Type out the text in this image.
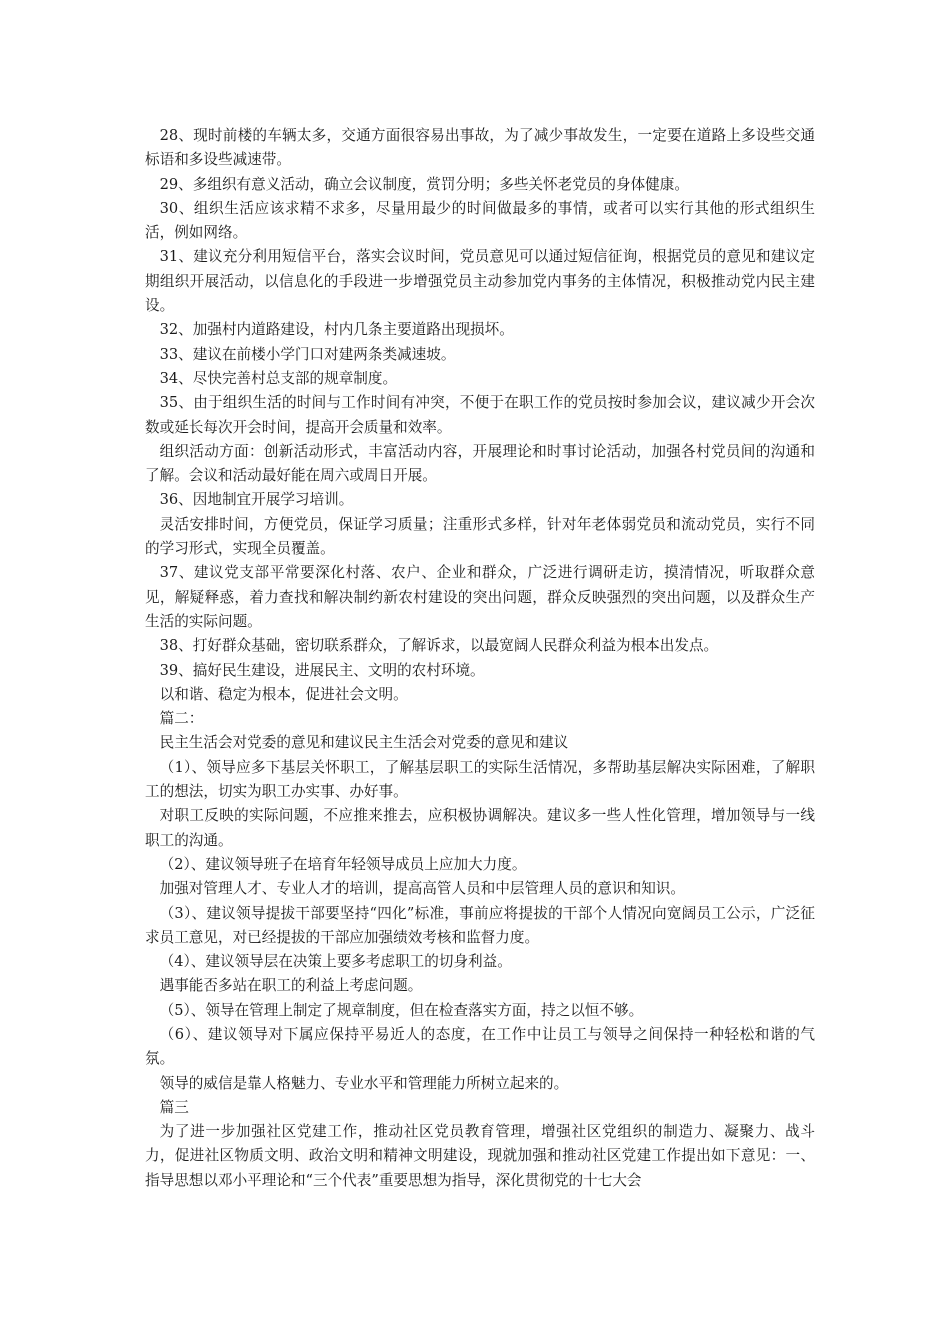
28、现时前楼的车辆太多，交通方面很容易出事故，为了减少事故发生，一定要在道路上多设些交通标语和多设些减速带。

29、多组织有意义活动，确立会议制度，赏罚分明；多些关怀老党员的身体健康。

30、组织生活应该求精不求多，尽量用最少的时间做最多的事情，或者可以实行其他的形式组织生活，例如网络。

31、建议充分利用短信平台，落实会议时间，党员意见可以通过短信征询，根据党员的意见和建议定期组织开展活动，以信息化的手段进一步增强党员主动参加党内事务的主体情况，积极推动党内民主建设。

32、加强村内道路建设，村内几条主要道路出现损坏。

33、建议在前楼小学门口对建两条类减速坡。

34、尽快完善村总支部的规章制度。

35、由于组织生活的时间与工作时间有冲突，不便于在职工作的党员按时参加会议，建议减少开会次数或延长每次开会时间，提高开会质量和效率。

组织活动方面：创新活动形式，丰富活动内容，开展理论和时事讨论活动，加强各村党员间的沟通和了解。会议和活动最好能在周六或周日开展。

36、因地制宜开展学习培训。

灵活安排时间，方便党员，保证学习质量；注重形式多样，针对年老体弱党员和流动党员，实行不同的学习形式，实现全员覆盖。

37、建议党支部平常要深化村落、农户、企业和群众，广泛进行调研走访，摸清情况，听取群众意见，解疑释惑，着力查找和解决制约新农村建设的突出问题，群众反映强烈的突出问题，以及群众生产生活的实际问题。

38、打好群众基础，密切联系群众，了解诉求，以最宽阔人民群众利益为根本出发点。

39、搞好民生建设，进展民主、文明的农村环境。

以和谐、稳定为根本，促进社会文明。

篇二：

民主生活会对党委的意见和建议民主生活会对党委的意见和建议

（1）、领导应多下基层关怀职工，了解基层职工的实际生活情况，多帮助基层解决实际困难，了解职工的想法，切实为职工办实事、办好事。

对职工反映的实际问题，不应推来推去，应积极协调解决。建议多一些人性化管理，增加领导与一线职工的沟通。

（2）、建议领导班子在培育年轻领导成员上应加大力度。

加强对管理人才、专业人才的培训，提高高管人员和中层管理人员的意识和知识。

（3）、建议领导提拔干部要坚持“四化”标准，事前应将提拔的干部个人情况向宽阔员工公示，广泛征求员工意见，对已经提拔的干部应加强绩效考核和监督力度。

（4）、建议领导层在决策上要多考虑职工的切身利益。

遇事能否多站在职工的利益上考虑问题。

（5）、领导在管理上制定了规章制度，但在检查落实方面，持之以恒不够。

（6）、建议领导对下属应保持平易近人的态度，在工作中让员工与领导之间保持一种轻松和谐的气氛。

领导的威信是靠人格魅力、专业水平和管理能力所树立起来的。

篇三

为了进一步加强社区党建工作，推动社区党员教育管理，增强社区党组织的制造力、凝聚力、战斗力，促进社区物质文明、政治文明和精神文明建设，现就加强和推动社区党建工作提出如下意见：一、指导思想以邓小平理论和“三个代表”重要思想为指导，深化贯彻党的十七大会
